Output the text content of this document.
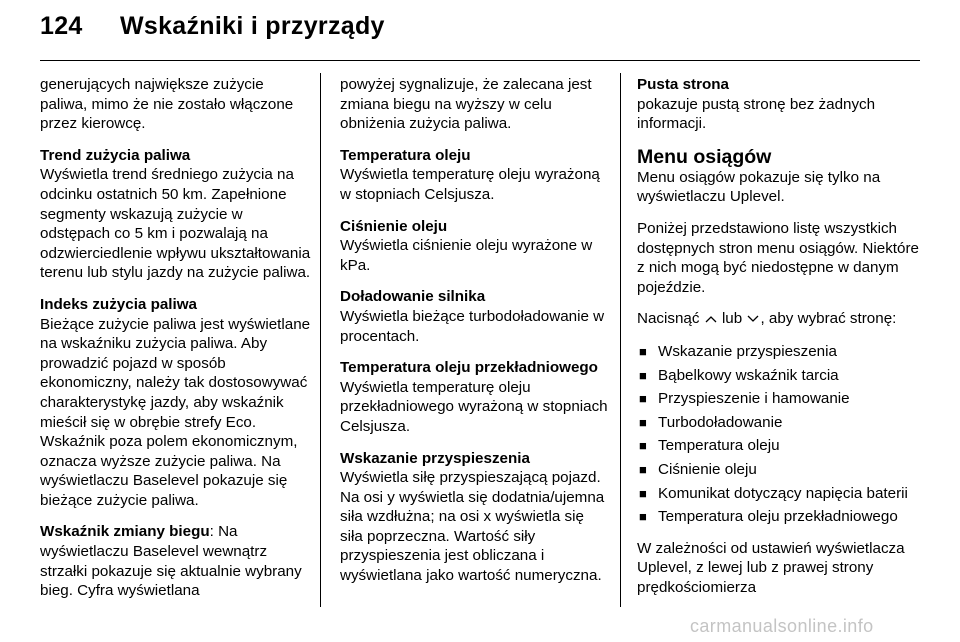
124 Wskaźniki i przyrządy

generujących największe zużycie paliwa, mimo że nie zostało włączone przez kierowcę.

Trend zużycia paliwa

Wyświetla trend średniego zużycia na odcinku ostatnich 50 km. Zapełnione segmenty wskazują zużycie w odstępach co 5 km i pozwalają na odzwierciedlenie wpływu ukształtowania terenu lub stylu jazdy na zużycie paliwa.

Indeks zużycia paliwa

Bieżące zużycie paliwa jest wyświetlane na wskaźniku zużycia paliwa. Aby prowadzić pojazd w sposób ekonomiczny, należy tak dostosowywać charakterystykę jazdy, aby wskaźnik mieścił się w obrębie strefy Eco. Wskaźnik poza polem ekonomicznym, oznacza wyższe zużycie paliwa. Na wyświetlaczu Baselevel pokazuje się bieżące zużycie paliwa.

Wskaźnik zmiany biegu: Na wyświetlaczu Baselevel wewnątrz strzałki pokazuje się aktualnie wybrany bieg. Cyfra wyświetlana

powyżej sygnalizuje, że zalecana jest zmiana biegu na wyższy w celu obniżenia zużycia paliwa.

Temperatura oleju

Wyświetla temperaturę oleju wyrażoną w stopniach Celsjusza.

Ciśnienie oleju

Wyświetla ciśnienie oleju wyrażone w kPa.

Doładowanie silnika

Wyświetla bieżące turbodoładowanie w procentach.

Temperatura oleju przekładniowego

Wyświetla temperaturę oleju przekładniowego wyrażoną w stopniach Celsjusza.

Wskazanie przyspieszenia

Wyświetla siłę przyspieszającą pojazd. Na osi y wyświetla się dodatnia/ujemna siła wzdłużna; na osi x wyświetla się siła poprzeczna. Wartość siły przyspieszenia jest obliczana i wyświetlana jako wartość numeryczna.

Pusta strona

pokazuje pustą stronę bez żadnych informacji.

Menu osiągów

Menu osiągów pokazuje się tylko na wyświetlaczu Uplevel.

Poniżej przedstawiono listę wszystkich dostępnych stron menu osiągów. Niektóre z nich mogą być niedostępne w danym pojeździe.

Nacisnąć lub , aby wybrać stronę:

■ Wskazanie przyspieszenia
■ Bąbelkowy wskaźnik tarcia
■ Przyspieszenie i hamowanie
■ Turbodoładowanie
■ Temperatura oleju
■ Ciśnienie oleju
■ Komunikat dotyczący napięcia baterii
■ Temperatura oleju przekładniowego

W zależności od ustawień wyświetlacza Uplevel, z lewej lub z prawej strony prędkościomierza

carmanualsonline.info
